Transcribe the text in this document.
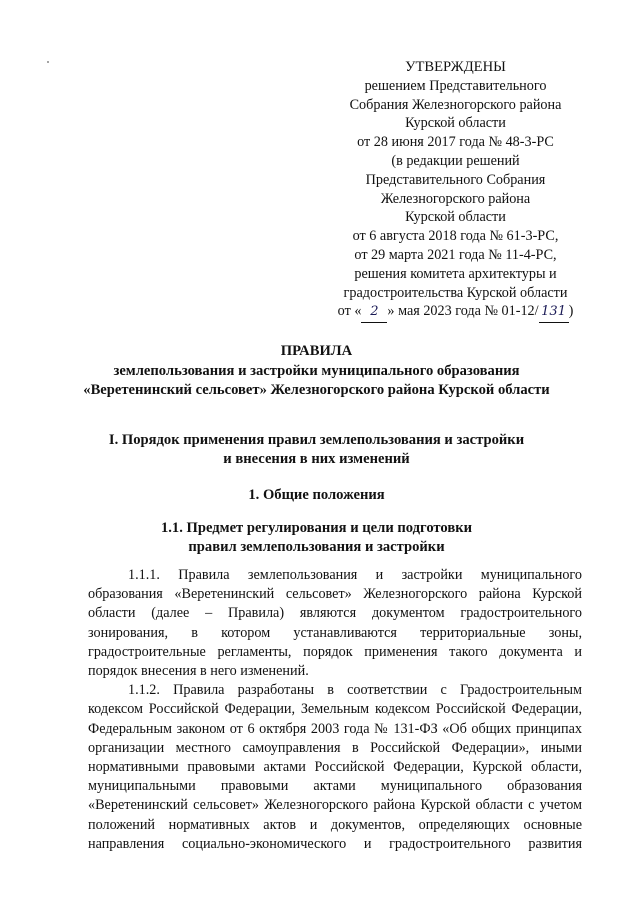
УТВЕРЖДЕНЫ
решением Представительного
Собрания Железногорского района
Курской области
от 28 июня 2017 года № 48-3-РС
(в редакции решений
Представительного Собрания
Железногорского района
Курской области
от 6 августа 2018 года № 61-3-РС,
от 29 марта 2021 года № 11-4-РС,
решения комитета архитектуры и
градостроительства Курской области
от « 2 » мая 2023 года № 01-12/ 131 )
ПРАВИЛА
землепользования и застройки муниципального образования
«Веретенинский сельсовет» Железногорского района Курской области
I. Порядок применения правил землепользования и застройки
и внесения в них изменений
1. Общие положения
1.1. Предмет регулирования и цели подготовки
правил землепользования и застройки

1.1.1. Правила землепользования и застройки муниципального образования «Веретенинский сельсовет» Железногорского района Курской области (далее – Правила) являются документом градостроительного зонирования, в котором устанавливаются территориальные зоны, градостроительные регламенты, порядок применения такого документа и порядок внесения в него изменений.

1.1.2. Правила разработаны в соответствии с Градостроительным кодексом Российской Федерации, Земельным кодексом Российской Федерации, Федеральным законом от 6 октября 2003 года № 131-ФЗ «Об общих принципах организации местного самоуправления в Российской Федерации», иными нормативными правовыми актами Российской Федерации, Курской области, муниципальными правовыми актами муниципального образования «Веретенинский сельсовет» Железногорского района Курской области с учетом положений нормативных актов и документов, определяющих основные направления социально-экономического и градостроительного развития
